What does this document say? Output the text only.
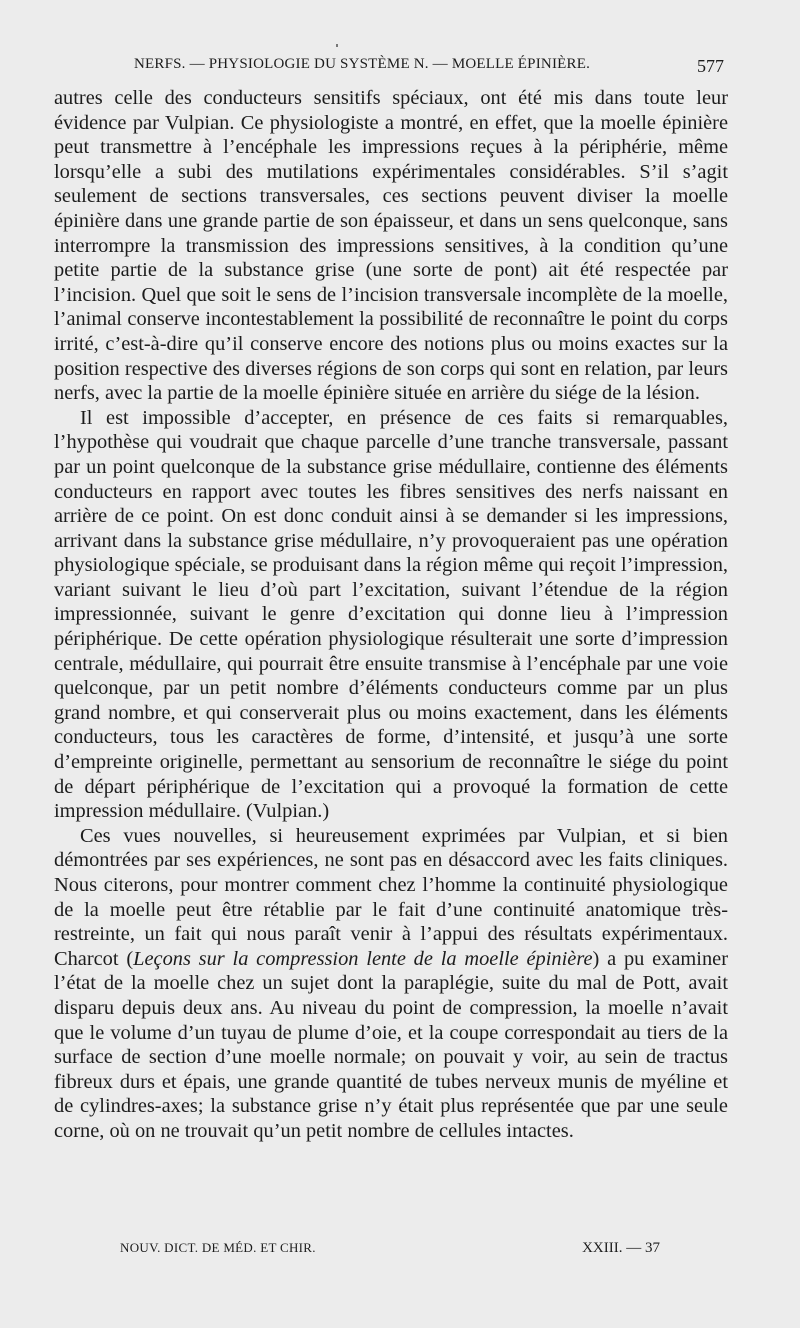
NERFS. — PHYSIOLOGIE DU SYSTÈME N. — MOELLE ÉPINIÈRE.	577

autres celle des conducteurs sensitifs spéciaux, ont été mis dans toute leur évidence par Vulpian. Ce physiologiste a montré, en effet, que la moelle épinière peut transmettre à l’encéphale les impressions reçues à la périphérie, même lorsqu’elle a subi des mutilations expérimentales considérables. S’il s’agit seulement de sections transversales, ces sections peuvent diviser la moelle épinière dans une grande partie de son épaisseur, et dans un sens quelconque, sans interrompre la transmission des impressions sensitives, à la condition qu’une petite partie de la substance grise (une sorte de pont) ait été respectée par l’incision. Quel que soit le sens de l’incision transversale incomplète de la moelle, l’animal conserve incontestablement la possibilité de reconnaître le point du corps irrité, c’est-à-dire qu’il conserve encore des notions plus ou moins exactes sur la position respective des diverses régions de son corps qui sont en relation, par leurs nerfs, avec la partie de la moelle épinière située en arrière du siége de la lésion.

Il est impossible d’accepter, en présence de ces faits si remarquables, l’hypothèse qui voudrait que chaque parcelle d’une tranche transversale, passant par un point quelconque de la substance grise médullaire, contienne des éléments conducteurs en rapport avec toutes les fibres sensitives des nerfs naissant en arrière de ce point. On est donc conduit ainsi à se demander si les impressions, arrivant dans la substance grise médullaire, n’y provoqueraient pas une opération physiologique spéciale, se produisant dans la région même qui reçoit l’impression, variant suivant le lieu d’où part l’excitation, suivant l’étendue de la région impressionnée, suivant le genre d’excitation qui donne lieu à l’impression périphérique. De cette opération physiologique résulterait une sorte d’impression centrale, médullaire, qui pourrait être ensuite transmise à l’encéphale par une voie quelconque, par un petit nombre d’éléments conducteurs comme par un plus grand nombre, et qui conserverait plus ou moins exactement, dans les éléments conducteurs, tous les caractères de forme, d’intensité, et jusqu’à une sorte d’empreinte originelle, permettant au sensorium de reconnaître le siége du point de départ périphérique de l’excitation qui a provoqué la formation de cette impression médullaire. (Vulpian.)

Ces vues nouvelles, si heureusement exprimées par Vulpian, et si bien démontrées par ses expériences, ne sont pas en désaccord avec les faits cliniques. Nous citerons, pour montrer comment chez l’homme la continuité physiologique de la moelle peut être rétablie par le fait d’une continuité anatomique très-restreinte, un fait qui nous paraît venir à l’appui des résultats expérimentaux. Charcot (Leçons sur la compression lente de la moelle épinière) a pu examiner l’état de la moelle chez un sujet dont la paraplégie, suite du mal de Pott, avait disparu depuis deux ans. Au niveau du point de compression, la moelle n’avait que le volume d’un tuyau de plume d’oie, et la coupe correspondait au tiers de la surface de section d’une moelle normale; on pouvait y voir, au sein de tractus fibreux durs et épais, une grande quantité de tubes nerveux munis de myéline et de cylindres-axes; la substance grise n’y était plus représentée que par une seule corne, où on ne trouvait qu’un petit nombre de cellules intactes.

NOUV. DICT. DE MÉD. ET CHIR.	XXIII. — 37
